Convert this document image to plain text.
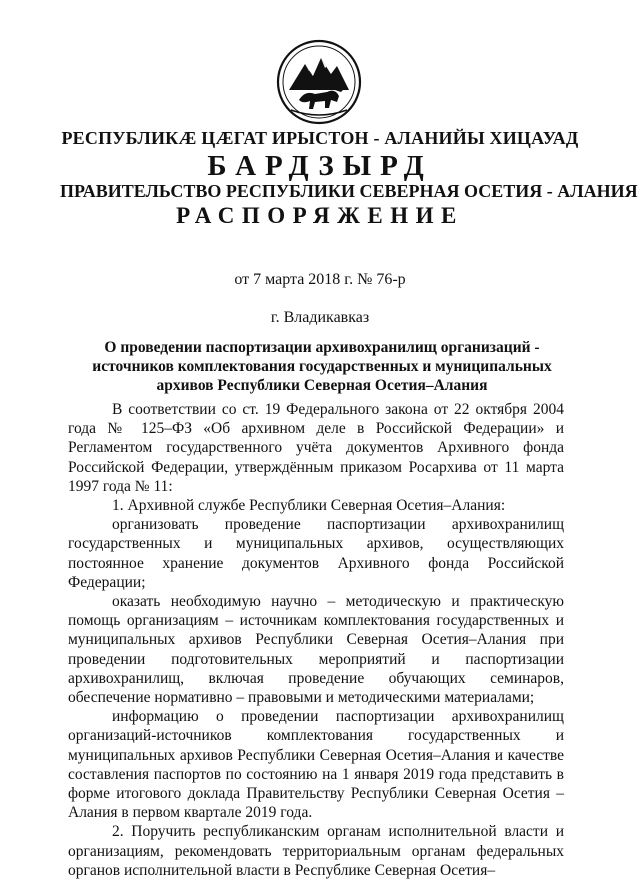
РЕСПУБЛИКӔ ЦӔГАТ ИРЫСТОН - АЛАНИЙЫ ХИЦАУАД
БАРДЗЫРД
ПРАВИТЕЛЬСТВО РЕСПУБЛИКИ СЕВЕРНАЯ ОСЕТИЯ - АЛАНИЯ
РАСПОРЯЖЕНИЕ
от 7 марта 2018 г. № 76-р
г. Владикавказ
О проведении паспортизации архивохранилищ организаций - источников комплектования государственных и муниципальных архивов Республики Северная Осетия–Алания

В соответствии со ст. 19 Федерального закона от 22 октября 2004 года № 125–ФЗ «Об архивном деле в Российской Федерации» и Регламентом государственного учёта документов Архивного фонда Российской Федерации, утверждённым приказом Росархива от 11 марта 1997 года № 11:

1. Архивной службе Республики Северная Осетия–Алания:

организовать проведение паспортизации архивохранилищ государственных и муниципальных архивов, осуществляющих постоянное хранение документов Архивного фонда Российской Федерации;

оказать необходимую научно – методическую и практическую помощь организациям – источникам комплектования государственных и муниципальных архивов Республики Северная Осетия–Алания при проведении подготовительных мероприятий и паспортизации архивохранилищ, включая проведение обучающих семинаров, обеспечение нормативно – правовыми и методическими материалами;

информацию о проведении паспортизации архивохранилищ организаций-источников комплектования государственных и муниципальных архивов Республики Северная Осетия–Алания и качестве составления паспортов по состоянию на 1 января 2019 года представить в форме итогового доклада Правительству Республики Северная Осетия – Алания в первом квартале 2019 года.

2. Поручить республиканским органам исполнительной власти и организациям, рекомендовать территориальным органам федеральных органов исполнительной власти в Республике Северная Осетия–
